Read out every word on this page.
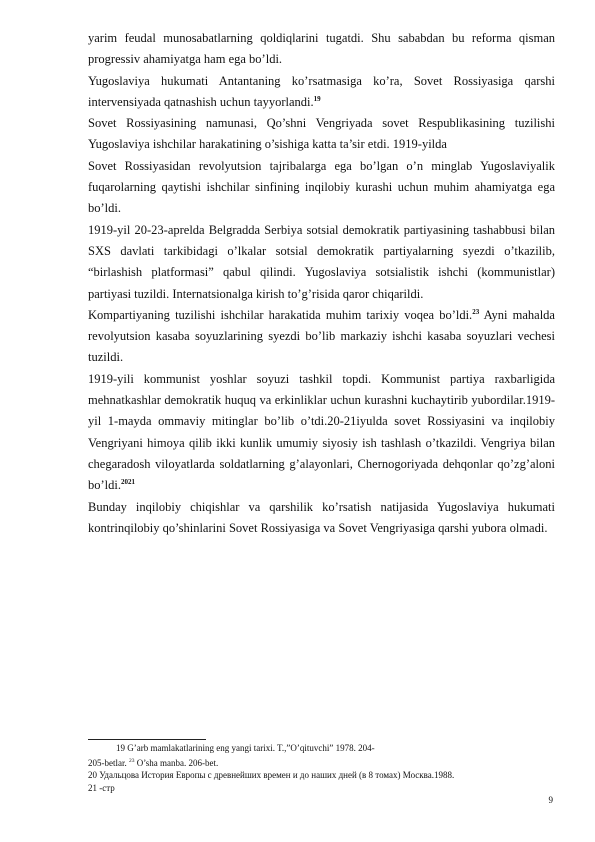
yarim feudal munosabatlarning qoldiqlarini tugatdi. Shu sababdan bu reforma qisman progressiv ahamiyatga ham ega bo’ldi.

Yugoslaviya hukumati Antantaning ko’rsatmasiga ko’ra, Sovet Rossiyasiga qarshi intervensiyada qatnashish uchun tayyorlandi.$^{19}$

Sovet Rossiyasining namunasi, Qo’shni Vengriyada sovet Respublikasining tuzilishi Yugoslaviya ishchilar harakatining o’sishiga katta ta’sir etdi. 1919-yilda

Sovet Rossiyasidan revolyutsion tajribalarga ega bo’lgan o’n minglab Yugoslaviyalik fuqarolarning qaytishi ishchilar sinfining inqilobiy kurashi uchun muhim ahamiyatga ega bo’ldi.

1919-yil 20-23-aprelda Belgradda Serbiya sotsial demokratik partiyasining tashabbusi bilan SXS davlati tarkibidagi o’lkalar sotsial demokratik partiyalarning syezdi o’tkazilib, “birlashish platformasi” qabul qilindi. Yugoslaviya sotsialistik ishchi (kommunistlar) partiyasi tuzildi. Internatsionalga kirish to’g’risida qaror chiqarildi.

Kompartiyaning tuzilishi ishchilar harakatida muhim tarixiy voqea bo’ldi.$^{23}$ Ayni mahalda revolyutsion kasaba soyuzlarining syezdi bo’lib markaziy ishchi kasaba soyuzlari vechesi tuzildi.

1919-yili kommunist yoshlar soyuzi tashkil topdi. Kommunist partiya raxbarligida mehnatkashlar demokratik huquq va erkinliklar uchun kurashni kuchaytirib yubordilar.1919-yil 1-mayda ommaviy mitinglar bo’lib o’tdi.20-21iyulda sovet Rossiyasini va inqilobiy Vengriyani himoya qilib ikki kunlik umumiy siyosiy ish tashlash o’tkazildi. Vengriya bilan chegaradosh viloyatlarda soldatlarning g’alayonlari, Chernogoriyada dehqonlar qo’zg’aloni bo’ldi.$^{2021}$

Bunday inqilobiy chiqishlar va qarshilik ko’rsatish natijasida Yugoslaviya hukumati kontrinqilobiy qo’shinlarini Sovet Rossiyasiga va Sovet Vengriyasiga qarshi yubora olmadi.

19 G’arb mamlakatlarining eng yangi tarixi. T.,”O’qituvchi” 1978. 204-

205-betlar. $^{23}$ O’sha manba. 206-bet.

20 Удальцова История Европы с древнейших времен и до наших дней (в 8 томах) Москва.1988.

21 -стр

9
